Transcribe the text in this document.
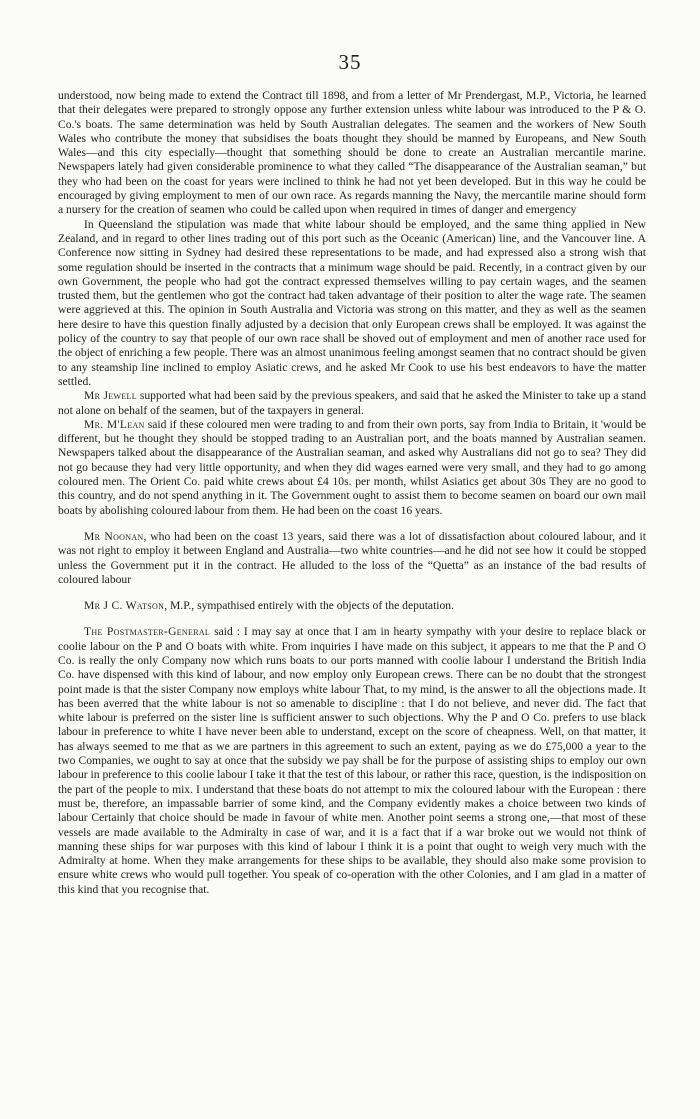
35

understood, now being made to extend the Contract till 1898, and from a letter of Mr Prendergast, M.P., Victoria, he learned that their delegates were prepared to strongly oppose any further extension unless white labour was introduced to the P & O. Co.'s boats. The same determination was held by South Australian delegates. The seamen and the workers of New South Wales who contribute the money that subsidises the boats thought they should be manned by Europeans, and New South Wales—and this city especially—thought that something should be done to create an Australian mercantile marine. Newspapers lately had given considerable prominence to what they called “The disappearance of the Australian seaman,” but they who had been on the coast for years were inclined to think he had not yet been developed. But in this way he could be encouraged by giving employment to men of our own race. As regards manning the Navy, the mercantile marine should form a nursery for the creation of seamen who could be called upon when required in times of danger and emergency

In Queensland the stipulation was made that white labour should be employed, and the same thing applied in New Zealand, and in regard to other lines trading out of this port such as the Oceanic (American) line, and the Vancouver line. A Conference now sitting in Sydney had desired these representations to be made, and had expressed also a strong wish that some regulation should be inserted in the contracts that a minimum wage should be paid. Recently, in a contract given by our own Government, the people who had got the contract expressed themselves willing to pay certain wages, and the seamen trusted them, but the gentlemen who got the contract had taken advantage of their position to alter the wage rate. The seamen were aggrieved at this. The opinion in South Australia and Victoria was strong on this matter, and they as well as the seamen here desire to have this question finally adjusted by a decision that only European crews shall be employed. It was against the policy of the country to say that people of our own race shall be shoved out of employment and men of another race used for the object of enriching a few people. There was an almost unanimous feeling amongst seamen that no contract should be given to any steamship line inclined to employ Asiatic crews, and he asked Mr Cook to use his best endeavors to have the matter settled.

Mr Jewell supported what had been said by the previous speakers, and said that he asked the Minister to take up a stand not alone on behalf of the seamen, but of the taxpayers in general.

Mr. M'Lean said if these coloured men were trading to and from their own ports, say from India to Britain, it 'would be different, but he thought they should be stopped trading to an Australian port, and the boats manned by Australian seamen. Newspapers talked about the disappearance of the Australian seaman, and asked why Australians did not go to sea? They did not go because they had very little opportunity, and when they did wages earned were very small, and they had to go among coloured men. The Orient Co. paid white crews about £4 10s. per month, whilst Asiatics get about 30s They are no good to this country, and do not spend anything in it. The Government ought to assist them to become seamen on board our own mail boats by abolishing coloured labour from them. He had been on the coast 16 years.

Mr Noonan, who had been on the coast 13 years, said there was a lot of dissatisfaction about coloured labour, and it was not right to employ it between England and Australia—two white countries—and he did not see how it could be stopped unless the Government put it in the contract. He alluded to the loss of the “Quetta” as an instance of the bad results of coloured labour

Mr J C. Watson, M.P., sympathised entirely with the objects of the deputation.

The Postmaster-General said : I may say at once that I am in hearty sympathy with your desire to replace black or coolie labour on the P and O boats with white. From inquiries I have made on this subject, it appears to me that the P and O Co. is really the only Company now which runs boats to our ports manned with coolie labour I understand the British India Co. have dispensed with this kind of labour, and now employ only European crews. There can be no doubt that the strongest point made is that the sister Company now employs white labour That, to my mind, is the answer to all the objections made. It has been averred that the white labour is not so amenable to discipline : that I do not believe, and never did. The fact that white labour is preferred on the sister line is sufficient answer to such objections. Why the P and O Co. prefers to use black labour in preference to white I have never been able to understand, except on the score of cheapness. Well, on that matter, it has always seemed to me that as we are partners in this agreement to such an extent, paying as we do £75,000 a year to the two Companies, we ought to say at once that the subsidy we pay shall be for the purpose of assisting ships to employ our own labour in preference to this coolie labour I take it that the test of this labour, or rather this race, question, is the indisposition on the part of the people to mix. I understand that these boats do not attempt to mix the coloured labour with the European : there must be, therefore, an impassable barrier of some kind, and the Company evidently makes a choice between two kinds of labour Certainly that choice should be made in favour of white men. Another point seems a strong one,—that most of these vessels are made available to the Admiralty in case of war, and it is a fact that if a war broke out we would not think of manning these ships for war purposes with this kind of labour I think it is a point that ought to weigh very much with the Admiralty at home. When they make arrangements for these ships to be available, they should also make some provision to ensure white crews who would pull together. You speak of co-operation with the other Colonies, and I am glad in a matter of this kind that you recognise that.
